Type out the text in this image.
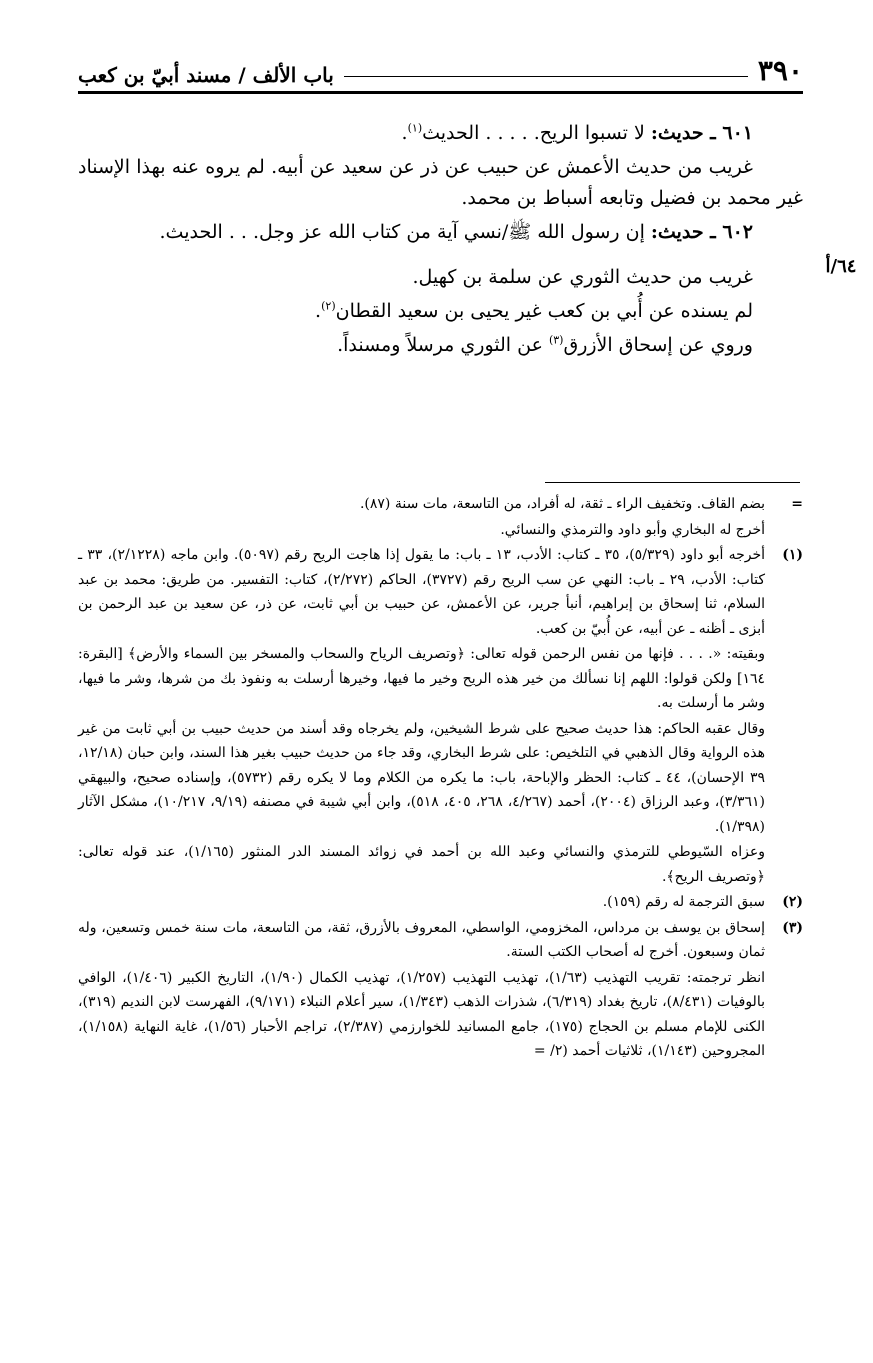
٣٩٠
باب الألف / مسند أبيّ بن كعب
٦٤/أ

٦٠١ ـ حديث: لا تسبوا الريح. . . . . الحديث$^{(١)}$.

غريب من حديث الأعمش عن حبيب عن ذر عن سعيد عن أبيه. لم يروه عنه بهذا الإسناد غير محمد بن فضيل وتابعه أسباط بن محمد.

٦٠٢ ـ حديث: إن رسول الله ﷺ/نسي آية من كتاب الله عز وجل. . . الحديث.

غريب من حديث الثوري عن سلمة بن كهيل.

لم يسنده عن أُبي بن كعب غير يحيى بن سعيد القطان$^{(٢)}$.

وروي عن إسحاق الأزرق$^{(٣)}$ عن الثوري مرسلاً ومسنداً.

=

بضم القاف. وتخفيف الراء ـ ثقة، له أفراد، من التاسعة، مات سنة (٨٧).

أخرج له البخاري وأبو داود والترمذي والنسائي.

(١)

أخرجه أبو داود (٥/٣٢٩)، ٣٥ ـ كتاب: الأدب، ١٣ ـ باب: ما يقول إذا هاجت الريح رقم (٥٠٩٧). وابن ماجه (٢/١٢٢٨)، ٣٣ ـ كتاب: الأدب، ٢٩ ـ باب: النهي عن سب الريح رقم (٣٧٢٧)، الحاكم (٢/٢٧٢)، كتاب: التفسير. من طريق: محمد بن عبد السلام، ثنا إسحاق بن إبراهيم، أنبأ جرير، عن الأعمش، عن حبيب بن أبي ثابت، عن ذر، عن سعيد بن عبد الرحمن بن أبزى ـ أظنه ـ عن أبيه، عن أُبيّ بن كعب.

وبقيته: «. . . . فإنها من نفس الرحمن قوله تعالى: ﴿وتصريف الرياح والسحاب والمسخر بين السماء والأرض﴾ [البقرة: ١٦٤] ولكن قولوا: اللهم إنا نسألك من خير هذه الريح وخير ما فيها، وخيرها أرسلت به ونفوذ بك من شرها، وشر ما فيها، وشر ما أرسلت به.

وقال عقبه الحاكم: هذا حديث صحيح على شرط الشيخين، ولم يخرجاه وقد أسند من حديث حبيب بن أبي ثابت من غير هذه الرواية وقال الذهبي في التلخيص: على شرط البخاري، وقد جاء من حديث حبيب بغير هذا السند، وابن حبان (١٢/١٨، ٣٩ الإحسان)، ٤٤ ـ كتاب: الحظر والإباحة، باب: ما يكره من الكلام وما لا يكره رقم (٥٧٣٢)، وإسناده صحيح، والبيهقي (٣/٣٦١)، وعبد الرزاق (٢٠٠٤)، أحمد (٤/٢٦٧، ٢٦٨، ٤٠٥، ٥١٨)، وابن أبي شيبة في مصنفه (٩/١٩، ١٠/٢١٧)، مشكل الآثار (١/٣٩٨).

وعزاه السّيوطي للترمذي والنسائي وعبد الله بن أحمد في زوائد المسند الدر المنثور (١/١٦٥)، عند قوله تعالى: ﴿وتصريف الريح﴾.

(٢)

سبق الترجمة له رقم (١٥٩).

(٣)

إسحاق بن يوسف بن مرداس، المخزومي، الواسطي، المعروف بالأزرق، ثقة، من التاسعة، مات سنة خمس وتسعين، وله ثمان وسبعون. أخرج له أصحاب الكتب الستة.

انظر ترجمته: تقريب التهذيب (١/٦٣)، تهذيب التهذيب (١/٢٥٧)، تهذيب الكمال (١/٩٠)، التاريخ الكبير (١/٤٠٦)، الوافي بالوفيات (٨/٤٣١)، تاريخ بغداد (٦/٣١٩)، شذرات الذهب (١/٣٤٣)، سير أعلام النبلاء (٩/١٧١)، الفهرست لابن النديم (٣١٩)، الكنى للإمام مسلم بن الحجاج (١٧٥)، جامع المسانيد للخوارزمي (٢/٣٨٧)، تراجم الأحبار (١/٥٦)، غاية النهاية (١/١٥٨)، المجروحين (١/١٤٣)، ثلاثيات أحمد (٢/ =
